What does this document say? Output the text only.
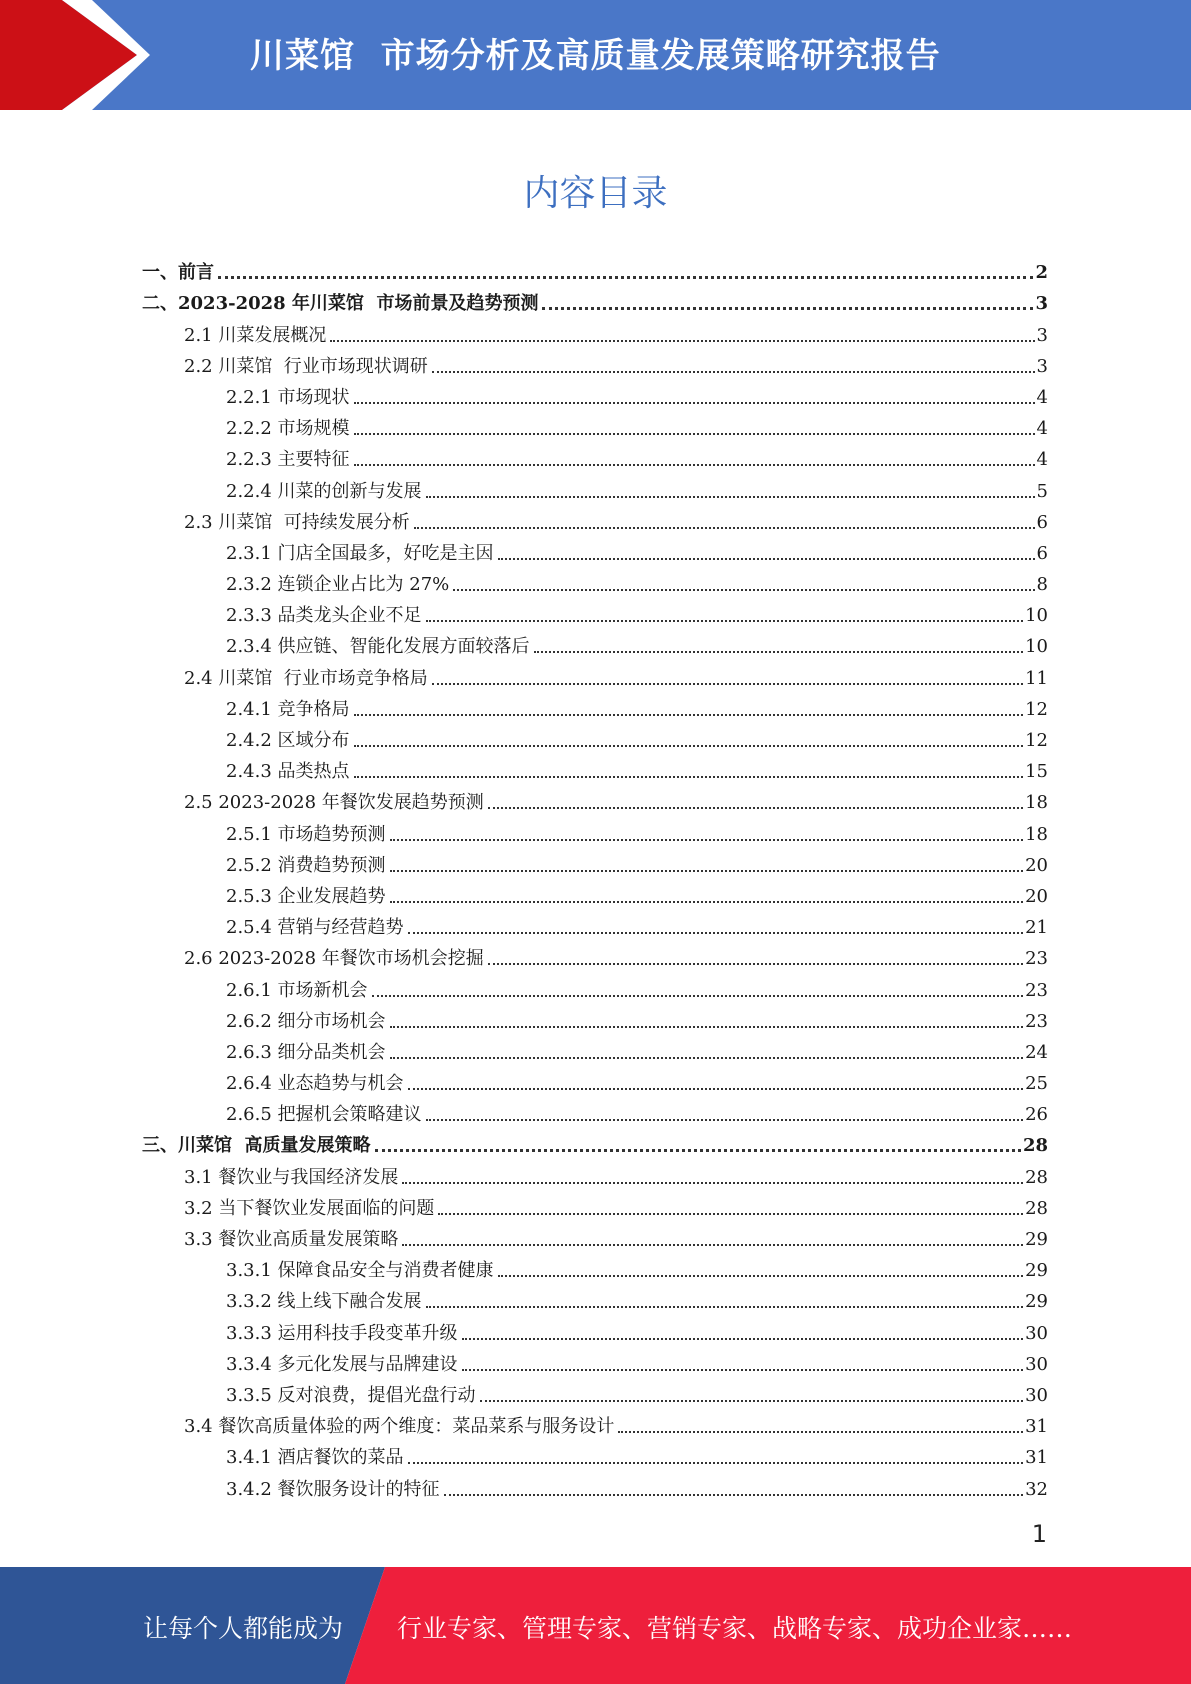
川菜馆  市场分析及高质量发展策略研究报告
内容目录
一、前言	2
二、2023-2028 年川菜馆  市场前景及趋势预测	3
2.1 川菜发展概况	3
2.2 川菜馆  行业市场现状调研	3
2.2.1 市场现状	4
2.2.2 市场规模	4
2.2.3 主要特征	4
2.2.4 川菜的创新与发展	5
2.3 川菜馆  可持续发展分析	6
2.3.1 门店全国最多，好吃是主因	6
2.3.2 连锁企业占比为 27%	8
2.3.3 品类龙头企业不足	10
2.3.4 供应链、智能化发展方面较落后	10
2.4 川菜馆  行业市场竞争格局	11
2.4.1 竞争格局	12
2.4.2 区域分布	12
2.4.3 品类热点	15
2.5 2023-2028 年餐饮发展趋势预测	18
2.5.1 市场趋势预测	18
2.5.2 消费趋势预测	20
2.5.3 企业发展趋势	20
2.5.4 营销与经营趋势	21
2.6 2023-2028 年餐饮市场机会挖掘	23
2.6.1 市场新机会	23
2.6.2 细分市场机会	23
2.6.3 细分品类机会	24
2.6.4 业态趋势与机会	25
2.6.5 把握机会策略建议	26
三、川菜馆  高质量发展策略	28
3.1 餐饮业与我国经济发展	28
3.2 当下餐饮业发展面临的问题	28
3.3 餐饮业高质量发展策略	29
3.3.1 保障食品安全与消费者健康	29
3.3.2 线上线下融合发展	29
3.3.3 运用科技手段变革升级	30
3.3.4 多元化发展与品牌建设	30
3.3.5 反对浪费，提倡光盘行动	30
3.4 餐饮高质量体验的两个维度：菜品菜系与服务设计	31
3.4.1 酒店餐饮的菜品	31
3.4.2 餐饮服务设计的特征	32
1
让每个人都能成为 行业专家、管理专家、营销专家、战略专家、成功企业家……
